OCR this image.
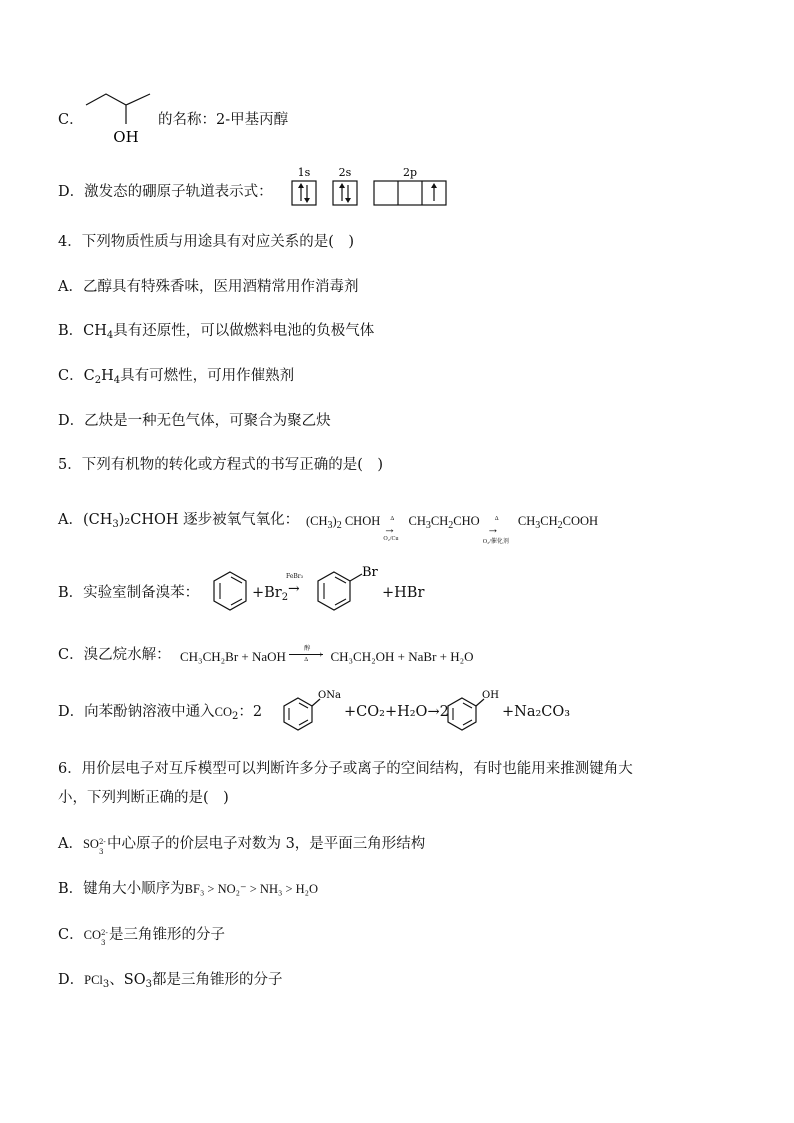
C．
OH
的名称：2-甲基丙醇
D．激发态的硼原子轨道表示式：
1s	2s	2p
4．下列物质性质与用途具有对应关系的是(　)
A．乙醇具有特殊香味，医用酒精常用作消毒剂
B．$CH_4$具有还原性，可以做燃料电池的负极气体
C．$C_2H_4$具有可燃性，可用作催熟剂
D．乙炔是一种无色气体，可聚合为聚乙炔
5．下列有机物的转化或方程式的书写正确的是(　)
A．$(CH_3)_2CHOH$ 逐步被氧气氧化： $(CH_3)_2$ CHOH Δ
→
O₂/Cu
$CH_3CH_2CHO$	Δ
→
O₂/催化剂
$CH_3CH_2COOH$
B．实验室制备溴苯：	$+Br_2$
FeBr₃
→
Br
+HBr
C．溴乙烷水解： CH₃CH₂Br + NaOH	醇 ›
Δ CH₃CH₂OH + NaBr + H₂O
D．向苯酚钠溶液中通入$CO_2$：2
ONa
+CO₂+H₂O→2
OH
+Na₂CO₃
6．用价层电子对互斥模型可以判断许多分子或离子的空间结构，有时也能用来推测键角大
小，下列判断正确的是(　)
A．SO 2-
3 中心原子的价层电子对数为 3，是平面三角形结构
B．键角大小顺序为BF₃ > NO₂⁻ > NH₃ > H₂O
C．CO 2-
3 是三角锥形的分子
D．PCl$_3$、$SO_3$都是三角锥形的分子
